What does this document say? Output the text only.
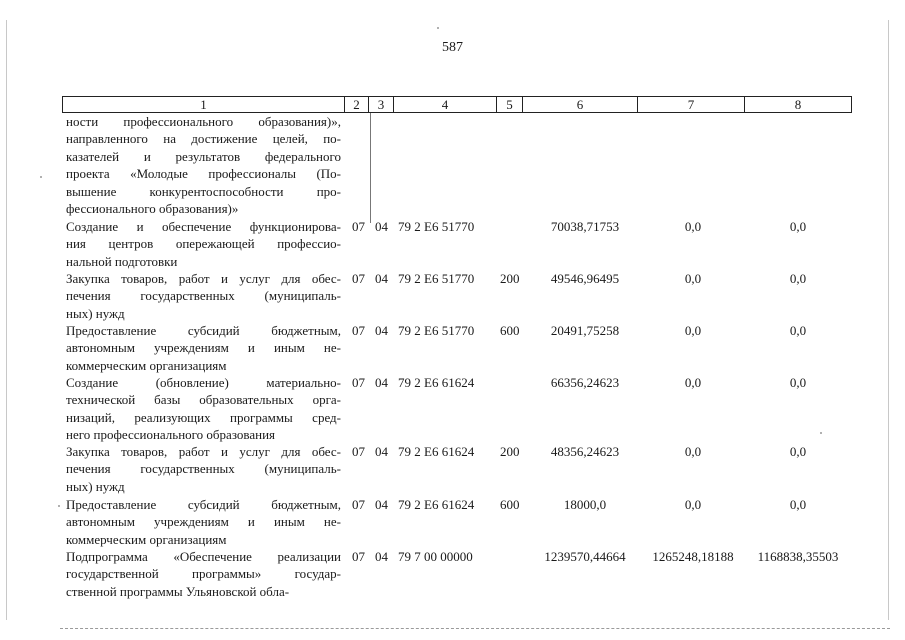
587
1	2	3	4	5	6	7	8
ности профессионального образования)»,
направленного на достижение целей, по-
казателей и результатов федерального
проекта «Молодые профессионалы (По-
вышение конкурентоспособности про-
фессионального образования)»
Создание и обеспечение функционирова-
ния центров опережающей профессио-
нальной подготовки
07 04 79 2 Е6 51770	70038,71753	0,0	0,0
Закупка товаров, работ и услуг для обес-
печения государственных (муниципаль-
ных) нужд
07 04 79 2 Е6 51770 200	49546,96495	0,0	0,0
Предоставление субсидий бюджетным,
автономным учреждениям и иным не-
коммерческим организациям
07 04 79 2 Е6 51770 600	20491,75258	0,0	0,0
Создание (обновление) материально-
технической базы образовательных орга-
низаций, реализующих программы сред-
него профессионального образования
07 04 79 2 Е6 61624	66356,24623	0,0	0,0
Закупка товаров, работ и услуг для обес-
печения государственных (муниципаль-
ных) нужд
07 04 79 2 Е6 61624 200	48356,24623	0,0	0,0
Предоставление субсидий бюджетным,
автономным учреждениям и иным не-
коммерческим организациям
07 04 79 2 Е6 61624 600	18000,0	0,0	0,0
Подпрограмма «Обеспечение реализации
государственной программы» государ-
ственной программы Ульяновской обла-
07 04 79 7 00 00000	1239570,44664	1265248,18188	1168838,35503
